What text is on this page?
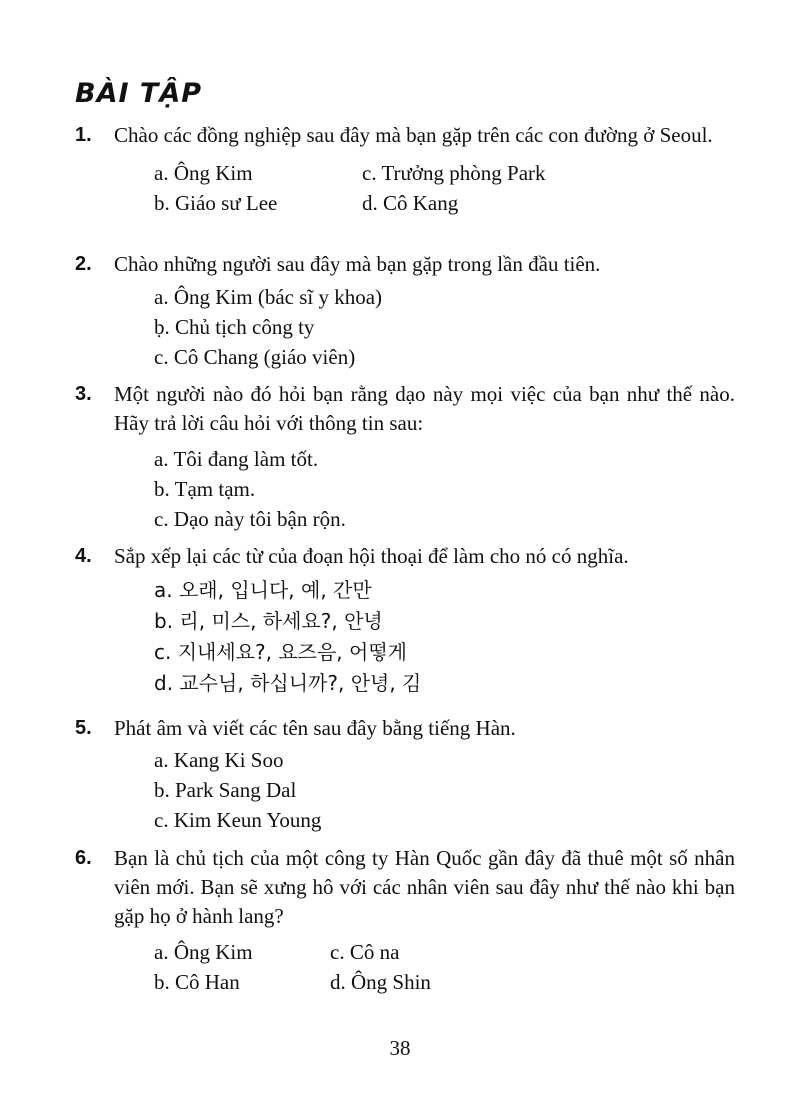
BÀI TẬP
1.	Chào các đồng nghiệp sau đây mà bạn gặp trên các con đường ở Seoul.
a. Ông Kim	c. Trưởng phòng Park
b. Giáo sư Lee	d. Cô Kang
2.	Chào những người sau đây mà bạn gặp trong lần đầu tiên.
a. Ông Kim (bác sĩ y khoa)
ḅ. Chủ tịch công ty
c. Cô Chang (giáo viên)
3.	Một người nào đó hỏi bạn rằng dạo này mọi việc của bạn như thế nào. Hãy trả lời câu hỏi với thông tin sau:
a. Tôi đang làm tốt.
b. Tạm tạm.
c. Dạo này tôi bận rộn.
4.	Sắp xếp lại các từ của đoạn hội thoại để làm cho nó có nghĩa.
a. 오래, 입니다, 예, 간만
b. 리, 미스, 하세요?, 안녕
c. 지내세요?, 요즈음, 어떻게
d. 교수님, 하십니까?, 안녕, 김
5.	Phát âm và viết các tên sau đây bằng tiếng Hàn.
a. Kang Ki Soo
b. Park Sang Dal
c. Kim Keun Young
6.	Bạn là chủ tịch của một công ty Hàn Quốc gần đây đã thuê một số nhân viên mới. Bạn sẽ xưng hô với các nhân viên sau đây như thế nào khi bạn gặp họ ở hành lang?
a. Ông Kim	c. Cô na
b. Cô Han	d. Ông Shin
38
